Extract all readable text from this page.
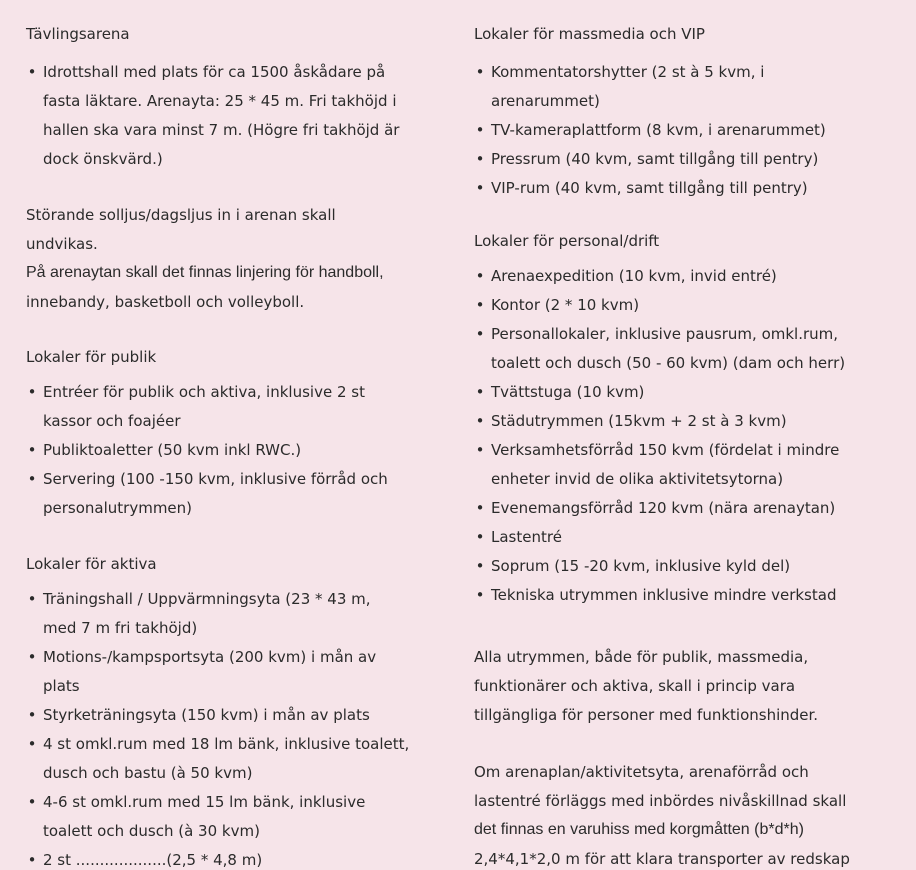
Tävlingsarena
• Idrottshall med plats för ca 1500 åskådare på
fasta läktare. Arenayta: 25 * 45 m. Fri takhöjd i
hallen ska vara minst 7 m. (Högre fri takhöjd är
dock önskvärd.)
Störande solljus/dagsljus in i arenan skall
undvikas.
På arenaytan skall det finnas linjering för handboll,
innebandy, basketboll och volleyboll.
Lokaler för publik
• Entréer för publik och aktiva, inklusive 2 st
kassor och foajéer
• Publiktoaletter (50 kvm inkl RWC.)
• Servering (100 -150 kvm, inklusive förråd och
personalutrymmen)
Lokaler för aktiva
• Träningshall / Uppvärmningsyta (23 * 43 m,
med 7 m fri takhöjd)
• Motions-/kampsportsyta (200 kvm) i mån av
plats
• Styrketräningsyta (150 kvm) i mån av plats
• 4 st omkl.rum med 18 lm bänk, inklusive toalett,
dusch och bastu (à 50 kvm)
• 4-6 st omkl.rum med 15 lm bänk, inklusive
toalett och dusch (à 30 kvm)
• 2 st ...................(2,5 * 4,8 m)
Lokaler för massmedia och VIP
• Kommentatorshytter (2 st à 5 kvm, i
arenarummet)
• TV-kameraplattform (8 kvm, i arenarummet)
• Pressrum (40 kvm, samt tillgång till pentry)
• VIP-rum (40 kvm, samt tillgång till pentry)
Lokaler för personal/drift
• Arenaexpedition (10 kvm, invid entré)
• Kontor (2 * 10 kvm)
• Personallokaler, inklusive pausrum, omkl.rum,
toalett och dusch (50 - 60 kvm) (dam och herr)
• Tvättstuga (10 kvm)
• Städutrymmen (15kvm + 2 st à 3 kvm)
• Verksamhetsförråd 150 kvm (fördelat i mindre
enheter invid de olika aktivitetsytorna)
• Evenemangsförråd 120 kvm (nära arenaytan)
• Lastentré
• Soprum (15 -20 kvm, inklusive kyld del)
• Tekniska utrymmen inklusive mindre verkstad
Alla utrymmen, både för publik, massmedia,
funktionärer och aktiva, skall i princip vara
tillgängliga för personer med funktionshinder.
Om arenaplan/aktivitetsyta, arenaförråd och
lastentré förläggs med inbördes nivåskillnad skall
det finnas en varuhiss med korgmåtten (b*d*h)
2,4*4,1*2,0 m för att klara transporter av redskap
